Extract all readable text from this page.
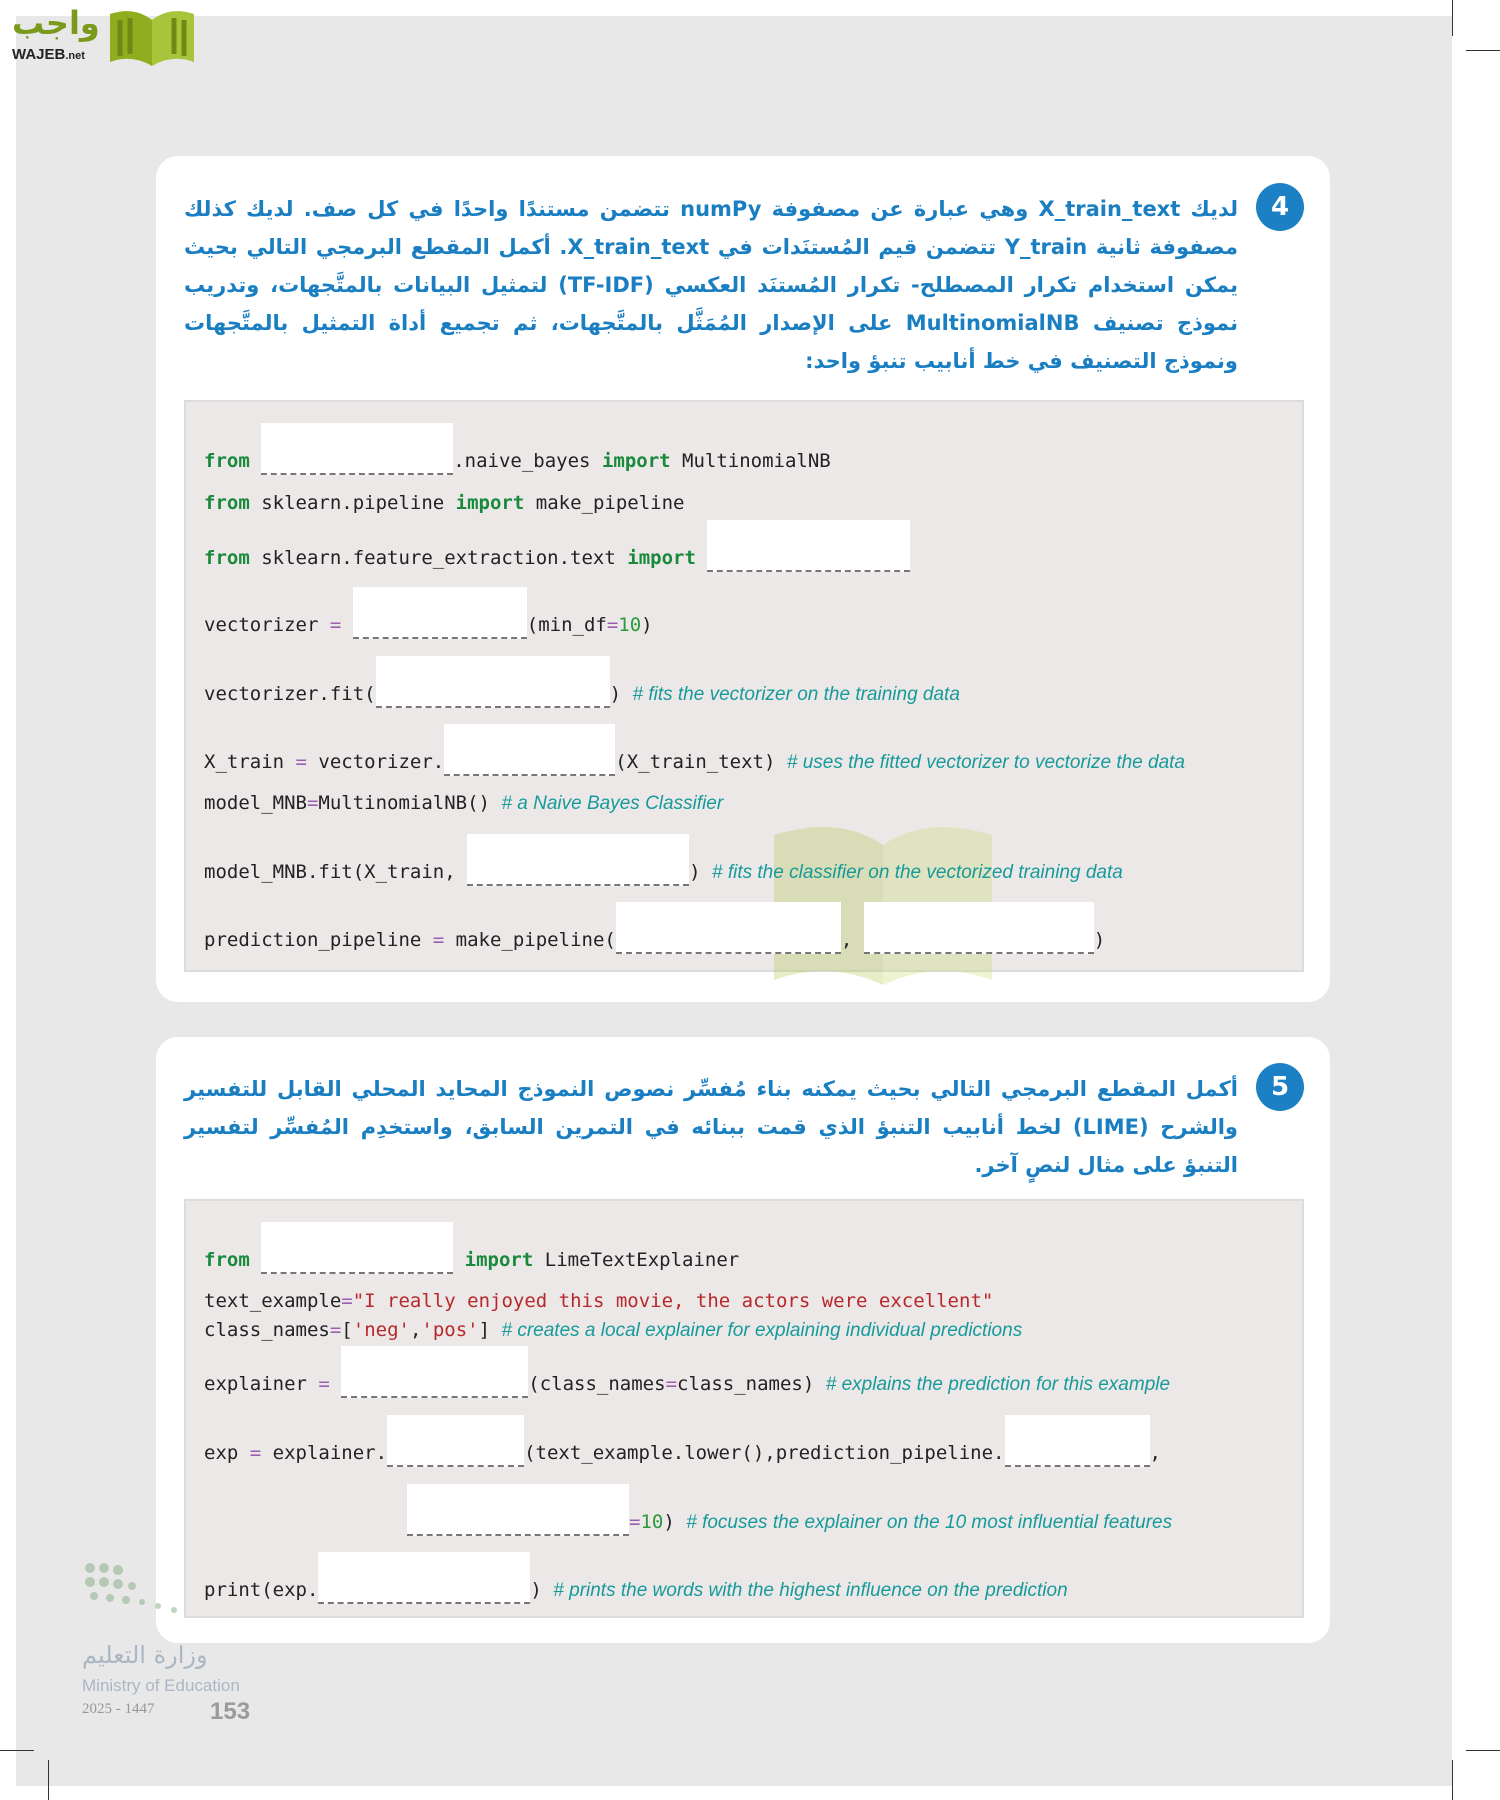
واجب
WAJEB.net
4
لديك X_train_text وهي عبارة عن مصفوفة numPy تتضمن مستندًا واحدًا في كل صف. لديك كذلك مصفوفة ثانية Y_train تتضمن قيم المُستنَدات في X_train_text. أكمل المقطع البرمجي التالي بحيث يمكن استخدام تكرار المصطلح- تكرار المُستنَد العكسي (TF-IDF) لتمثيل البيانات بالمتَّجهات، وتدريب نموذج تصنيف MultinomialNB على الإصدار المُمَثَّل بالمتَّجهات، ثم تجميع أداة التمثيل بالمتَّجهات ونموذج التصنيف في خط أنابيب تنبؤ واحد:
from	.naive_bayes import MultinomialNB
from sklearn.pipeline import make_pipeline
from sklearn.feature_extraction.text import
vectorizer =	(min_df=10)
vectorizer.fit(	) # fits the vectorizer on the training data
X_train = vectorizer.	(X_train_text) # uses the fitted vectorizer to vectorize the data
model_MNB=MultinomialNB() # a Naive Bayes Classifier
model_MNB.fit(X_train,	) # fits the classifier on the vectorized training data
prediction_pipeline = make_pipeline(	,	)
5
أكمل المقطع البرمجي التالي بحيث يمكنه بناء مُفسِّر نصوص النموذج المحايد المحلي القابل للتفسير والشرح (LIME) لخط أنابيب التنبؤ الذي قمت ببنائه في التمرين السابق، واستخدِم المُفسِّر لتفسير التنبؤ على مثال لنصٍ آخر.
from	import LimeTextExplainer
text_example="I really enjoyed this movie, the actors were excellent"
class_names=['neg','pos'] # creates a local explainer for explaining individual predictions
explainer =	(class_names=class_names) # explains the prediction for this example
exp = explainer.	(text_example.lower(),prediction_pipeline.	,
=10) # focuses the explainer on the 10 most influential features
print(exp.	) # prints the words with the highest influence on the prediction
وزارة التعليم
Ministry of Education
2025 - 1447 153
